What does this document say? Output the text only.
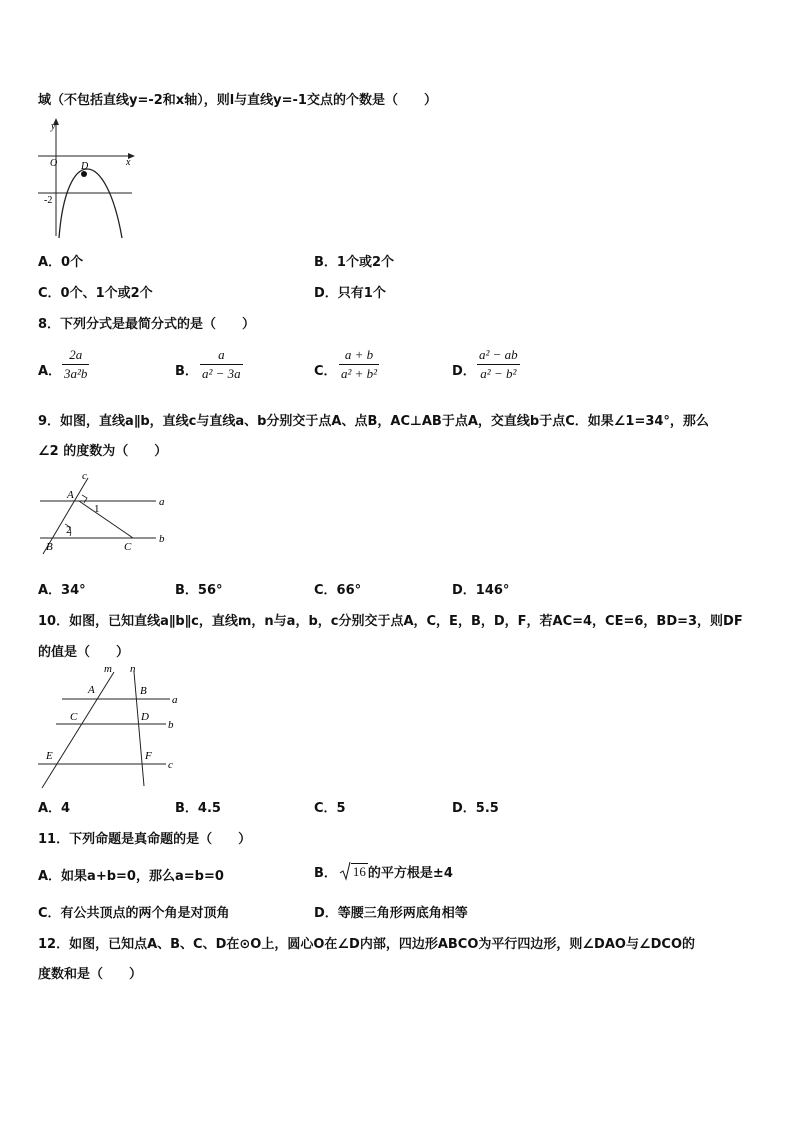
域（不包括直线y=-2和x轴），则l与直线y=-1交点的个数是（　　）
y
x
O D
-2
A．0个	B．1个或2个
C．0个、1个或2个	D．只有1个
8．下列分式是最简分式的是（　　）
A．
2a
3a²b	B．
a
a² − 3a	C．
a + b
a² + b²	D．
a² − ab
a² − b²
9．如图，直线a∥b，直线c与直线a、b分别交于点A、点B，AC⊥AB于点A，交直线b于点C．如果∠1=34°，那么
∠2 的度数为（　　）
c
a
b
A
B	C
1
2
A．34°	B．56°	C．66°	D．146°
10．如图，已知直线a∥b∥c，直线m，n与a，b，c分别交于点A，C，E，B，D，F，若AC=4，CE=6，BD=3，则DF
的值是（　　）
m n
A	B
C	D
E	F
a
b
c
A．4	B．4.5	C．5	D．5.5
11．下列命题是真命题的是（　　）
A．如果a+b=0，那么a=b=0	B． 16 的平方根是±4
C．有公共顶点的两个角是对顶角	D．等腰三角形两底角相等
12．如图，已知点A、B、C、D在⊙O上，圆心O在∠D内部，四边形ABCO为平行四边形，则∠DAO与∠DCO的
度数和是（　　）
